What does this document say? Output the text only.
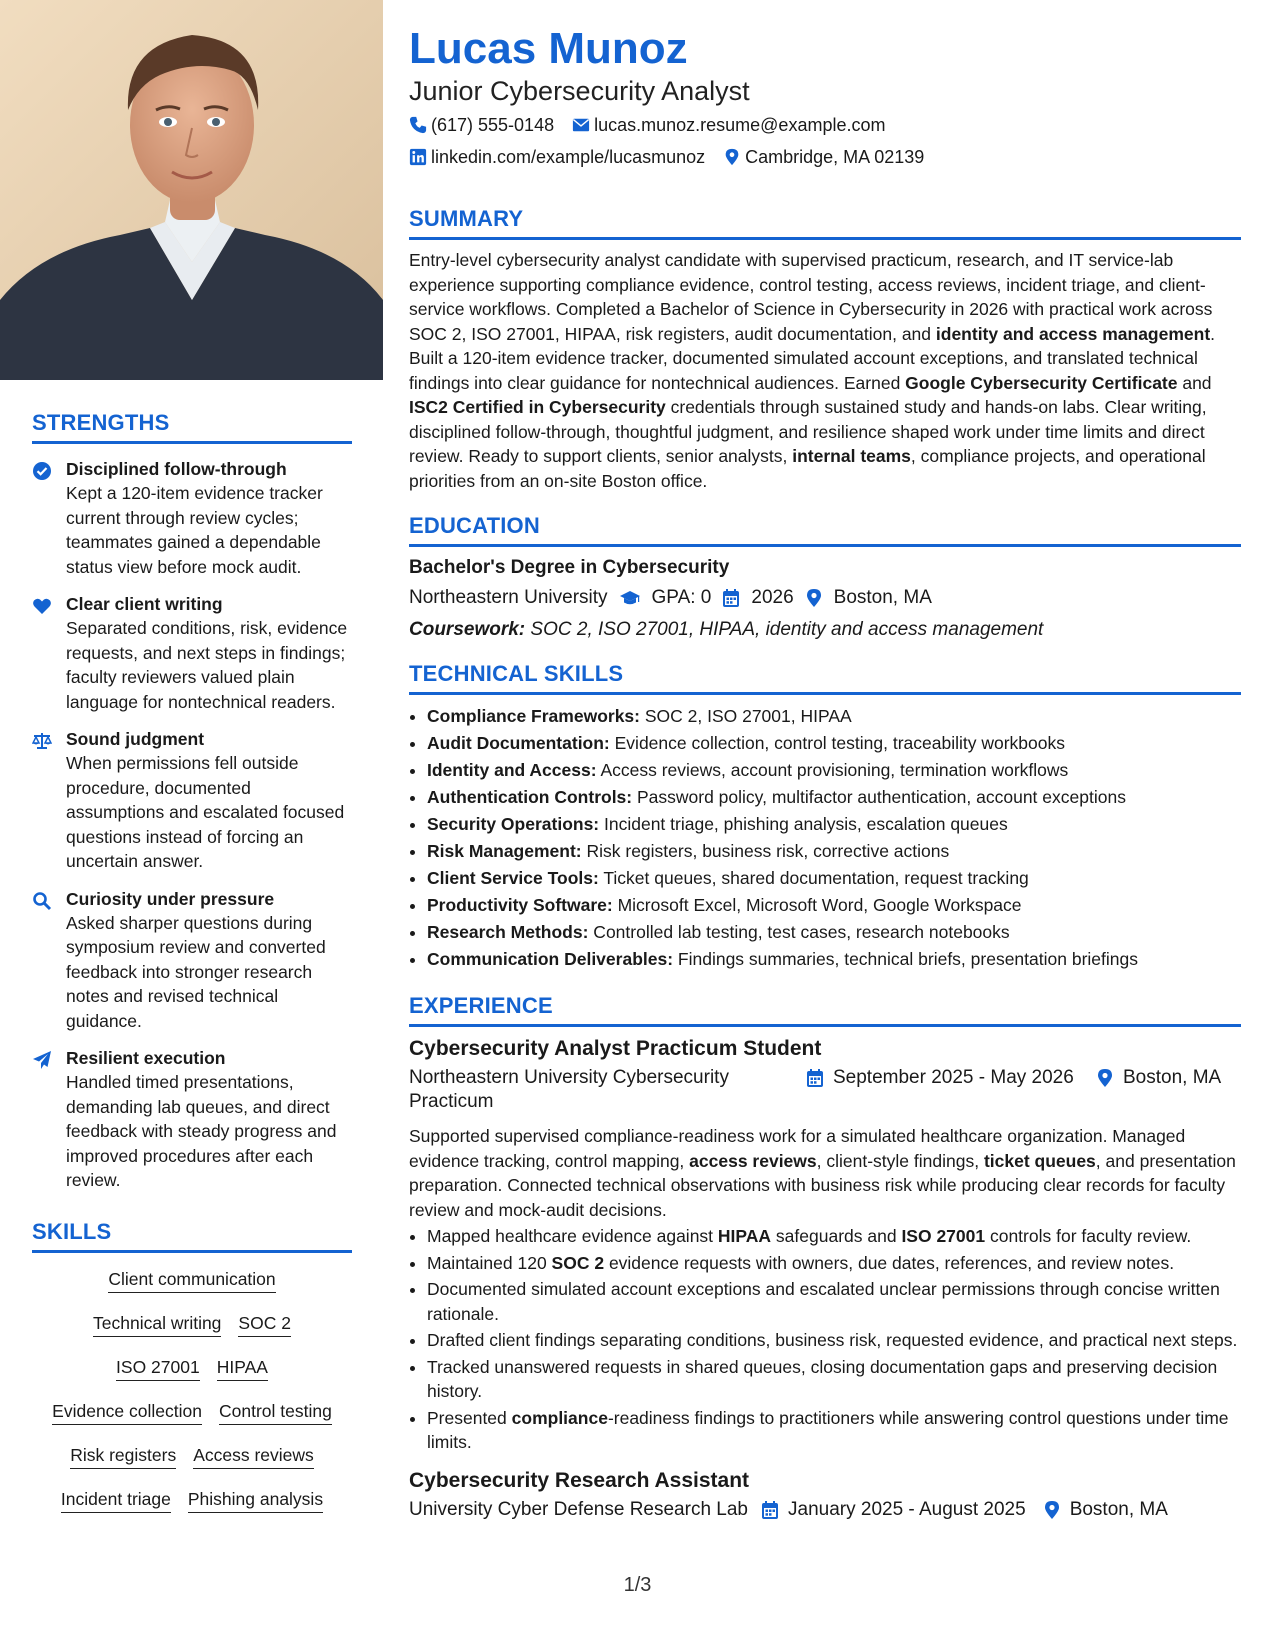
STRENGTHS
Disciplined follow-through
Kept a 120-item evidence tracker current through review cycles; teammates gained a dependable status view before mock audit.
Clear client writing
Separated conditions, risk, evidence requests, and next steps in findings; faculty reviewers valued plain language for nontechnical readers.
Sound judgment
When permissions fell outside procedure, documented assumptions and escalated focused questions instead of forcing an uncertain answer.
Curiosity under pressure
Asked sharper questions during symposium review and converted feedback into stronger research notes and revised technical guidance.
Resilient execution
Handled timed presentations, demanding lab queues, and direct feedback with steady progress and improved procedures after each review.
SKILLS
Client communication
Technical writing SOC 2
ISO 27001 HIPAA
Evidence collection Control testing
Risk registers Access reviews
Incident triage Phishing analysis
Lucas Munoz
Junior Cybersecurity Analyst
(617) 555-0148 lucas.munoz.resume@example.com
linkedin.com/example/lucasmunoz Cambridge, MA 02139
SUMMARY
Entry-level cybersecurity analyst candidate with supervised practicum, research, and IT service-lab experience supporting compliance evidence, control testing, access reviews, incident triage, and client-service workflows. Completed a Bachelor of Science in Cybersecurity in 2026 with practical work across SOC 2, ISO 27001, HIPAA, risk registers, audit documentation, and identity and access management. Built a 120-item evidence tracker, documented simulated account exceptions, and translated technical findings into clear guidance for nontechnical audiences. Earned Google Cybersecurity Certificate and ISC2 Certified in Cybersecurity credentials through sustained study and hands-on labs. Clear writing, disciplined follow-through, thoughtful judgment, and resilience shaped work under time limits and direct review. Ready to support clients, senior analysts, internal teams, compliance projects, and operational priorities from an on-site Boston office.
EDUCATION
Bachelor's Degree in Cybersecurity
Northeastern University GPA: 0 2026 Boston, MA
Coursework: SOC 2, ISO 27001, HIPAA, identity and access management
TECHNICAL SKILLS
• Compliance Frameworks: SOC 2, ISO 27001, HIPAA
• Audit Documentation: Evidence collection, control testing, traceability workbooks
• Identity and Access: Access reviews, account provisioning, termination workflows
• Authentication Controls: Password policy, multifactor authentication, account exceptions
• Security Operations: Incident triage, phishing analysis, escalation queues
• Risk Management: Risk registers, business risk, corrective actions
• Client Service Tools: Ticket queues, shared documentation, request tracking
• Productivity Software: Microsoft Excel, Microsoft Word, Google Workspace
• Research Methods: Controlled lab testing, test cases, research notebooks
• Communication Deliverables: Findings summaries, technical briefs, presentation briefings
EXPERIENCE
Cybersecurity Analyst Practicum Student
Northeastern University Cybersecurity Practicum
September 2025 - May 2026	Boston, MA
Supported supervised compliance-readiness work for a simulated healthcare organization. Managed evidence tracking, control mapping, access reviews, client-style findings, ticket queues, and presentation preparation. Connected technical observations with business risk while producing clear records for faculty review and mock-audit decisions.
• Mapped healthcare evidence against HIPAA safeguards and ISO 27001 controls for faculty review.
• Maintained 120 SOC 2 evidence requests with owners, due dates, references, and review notes.
• Documented simulated account exceptions and escalated unclear permissions through concise written rationale.
• Drafted client findings separating conditions, business risk, requested evidence, and practical next steps.
• Tracked unanswered requests in shared queues, closing documentation gaps and preserving decision history.
• Presented compliance-readiness findings to practitioners while answering control questions under time limits.
Cybersecurity Research Assistant
University Cyber Defense Research Lab January 2025 - August 2025 Boston, MA
1/3
